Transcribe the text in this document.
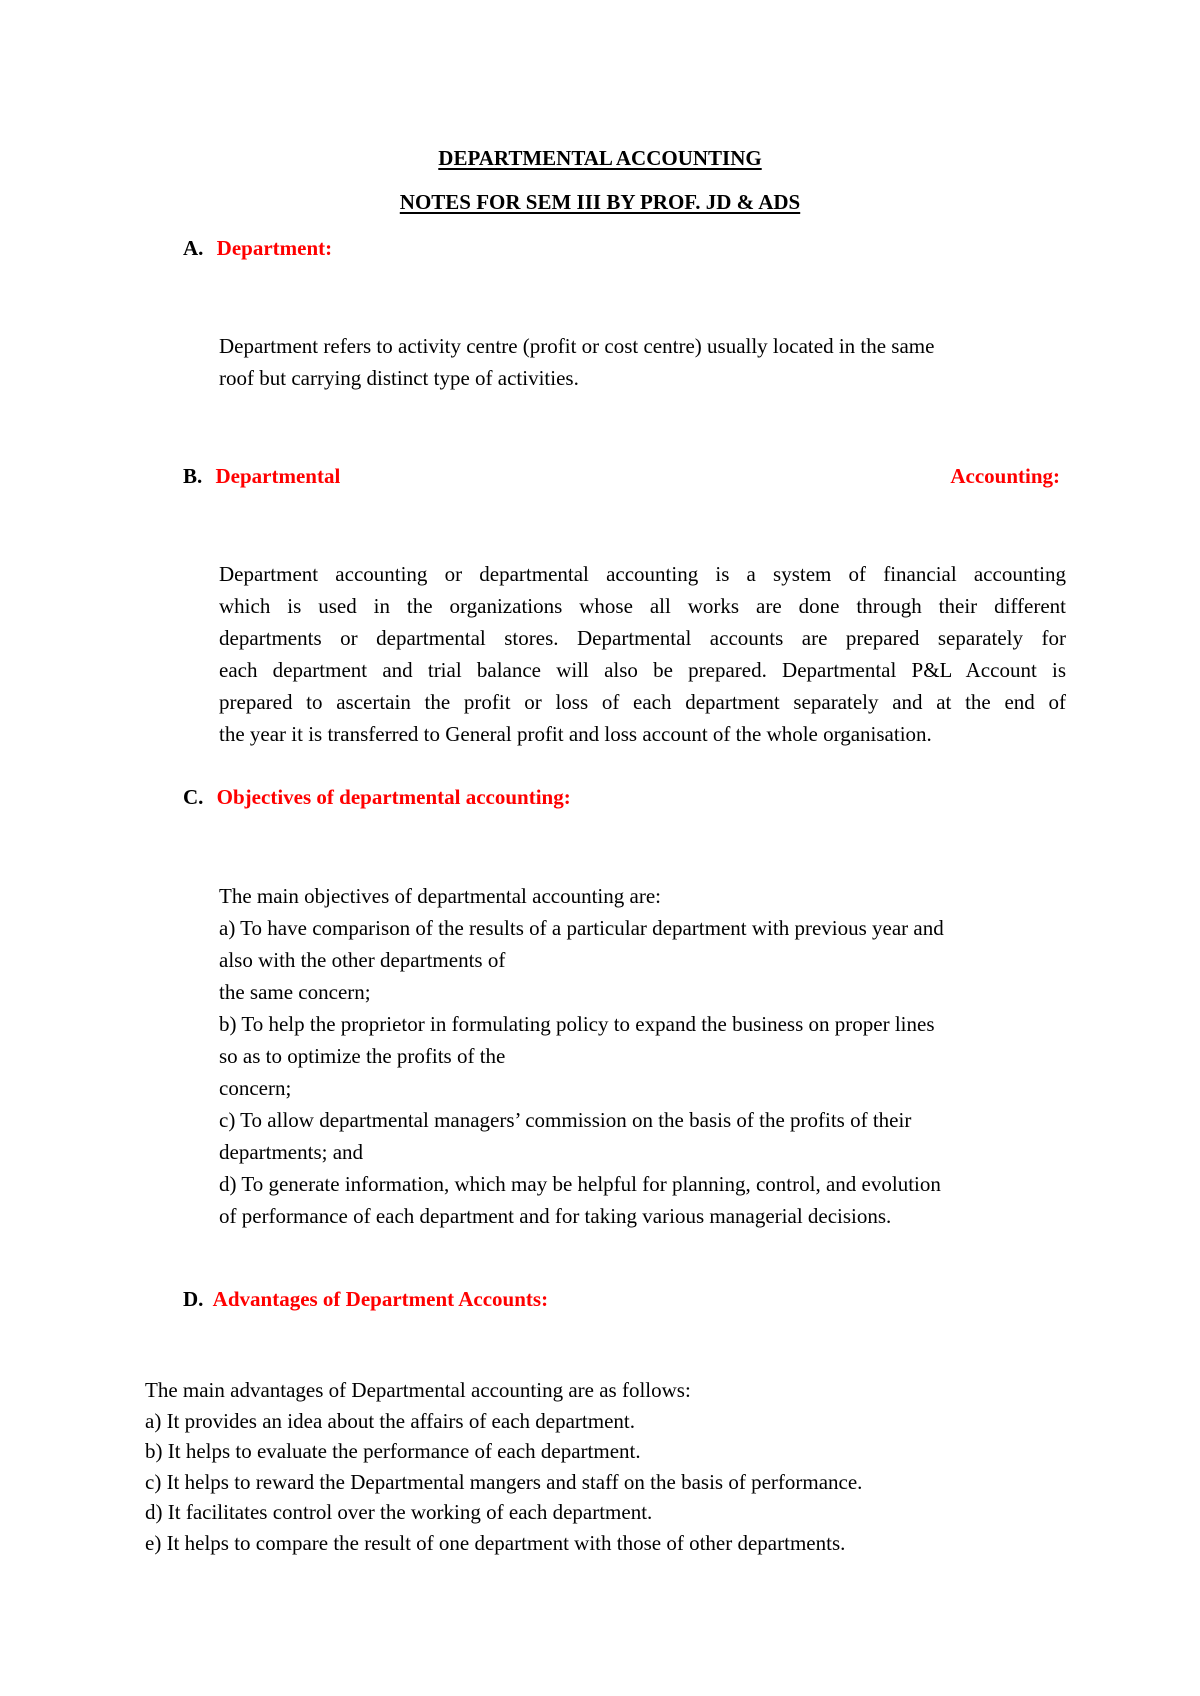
DEPARTMENTAL ACCOUNTING
NOTES FOR SEM III BY PROF. JD & ADS
A. Department:
Department refers to activity centre (profit or cost centre) usually located in the same
roof but carrying distinct type of activities.
B. Departmental	Accounting:
Department accounting or departmental accounting is a system of financial accounting
which is used in the organizations whose all works are done through their different
departments or departmental stores. Departmental accounts are prepared separately for
each department and trial balance will also be prepared. Departmental P&L Account is
prepared to ascertain the profit or loss of each department separately and at the end of
the year it is transferred to General profit and loss account of the whole organisation.
C. Objectives of departmental accounting:
The main objectives of departmental accounting are:
a) To have comparison of the results of a particular department with previous year and
also with the other departments of
the same concern;
b) To help the proprietor in formulating policy to expand the business on proper lines
so as to optimize the profits of the
concern;
c) To allow departmental managers’ commission on the basis of the profits of their
departments; and
d) To generate information, which may be helpful for planning, control, and evolution
of performance of each department and for taking various managerial decisions.
D. Advantages of Department Accounts:
The main advantages of Departmental accounting are as follows:
a) It provides an idea about the affairs of each department.
b) It helps to evaluate the performance of each department.
c) It helps to reward the Departmental mangers and staff on the basis of performance.
d) It facilitates control over the working of each department.
e) It helps to compare the result of one department with those of other departments.
